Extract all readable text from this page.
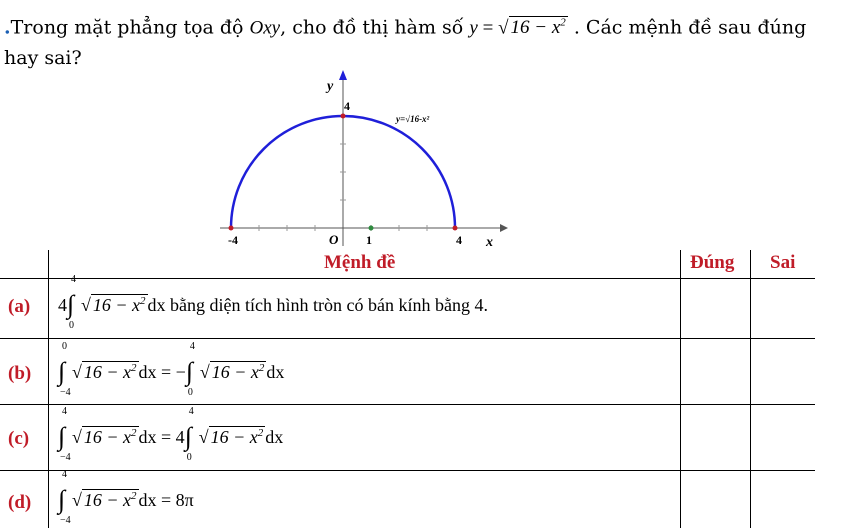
.Trong mặt phẳng tọa độ Oxy, cho đồ thị hàm số y = √ $16 - x^2$ . Các mệnh đề sau đúng
hay sai?
y
x
O
-4	1	4
4
y=√16-x²
Mệnh đề	Đúng Sai
(a) 4 ∫
4
0
√ $16 - x^2$ dx bằng diện tích hình tròn có bán kính bằng 4.
(b) ∫
0
−4
√ $16 - x^2$ dx = − ∫
4
0
√ $16 - x^2$ dx
(c) ∫
4
−4
√ $16 - x^2$ dx = 4 ∫
4
0
√ $16 - x^2$ dx
(d) ∫
4
−4
√ $16 - x^2$ dx = 8π
